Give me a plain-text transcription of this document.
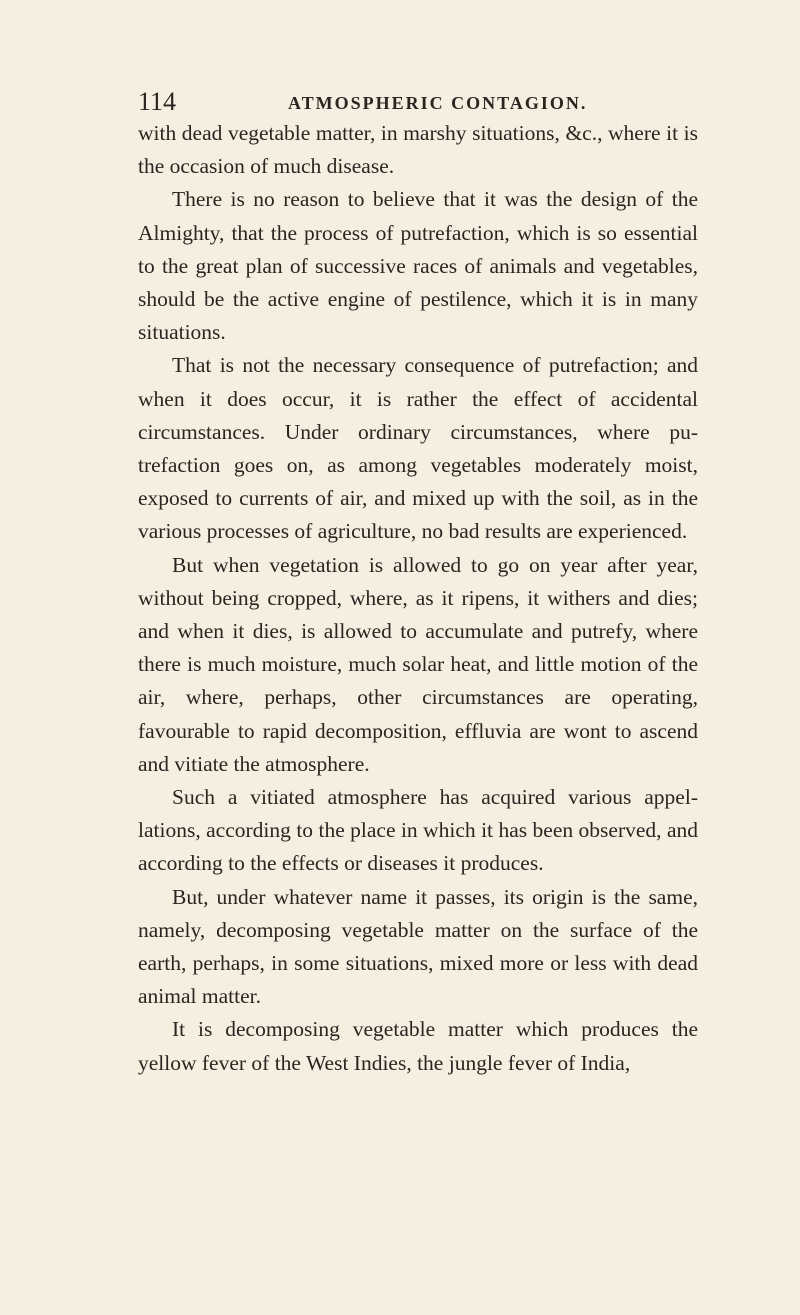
114	ATMOSPHERIC CONTAGION.

with dead vegetable matter, in marshy situations, &c., where it is the occasion of much disease.

There is no reason to believe that it was the design of the Almighty, that the process of putrefaction, which is so essential to the great plan of successive races of animals and vegetables, should be the active engine of pestilence, which it is in many situations.

That is not the necessary consequence of putrefaction; and when it does occur, it is rather the effect of accidental circumstances. Under ordinary circumstances, where putrefaction goes on, as among vegetables moderately moist, exposed to currents of air, and mixed up with the soil, as in the various processes of agriculture, no bad results are experienced.

But when vegetation is allowed to go on year after year, without being cropped, where, as it ripens, it withers and dies; and when it dies, is allowed to accumulate and putrefy, where there is much moisture, much solar heat, and little motion of the air, where, perhaps, other circumstances are operating, favourable to rapid decomposition, effluvia are wont to ascend and vitiate the atmosphere.

Such a vitiated atmosphere has acquired various appellations, according to the place in which it has been observed, and according to the effects or diseases it produces.

But, under whatever name it passes, its origin is the same, namely, decomposing vegetable matter on the surface of the earth, perhaps, in some situations, mixed more or less with dead animal matter.

It is decomposing vegetable matter which produces the yellow fever of the West Indies, the jungle fever of India,
